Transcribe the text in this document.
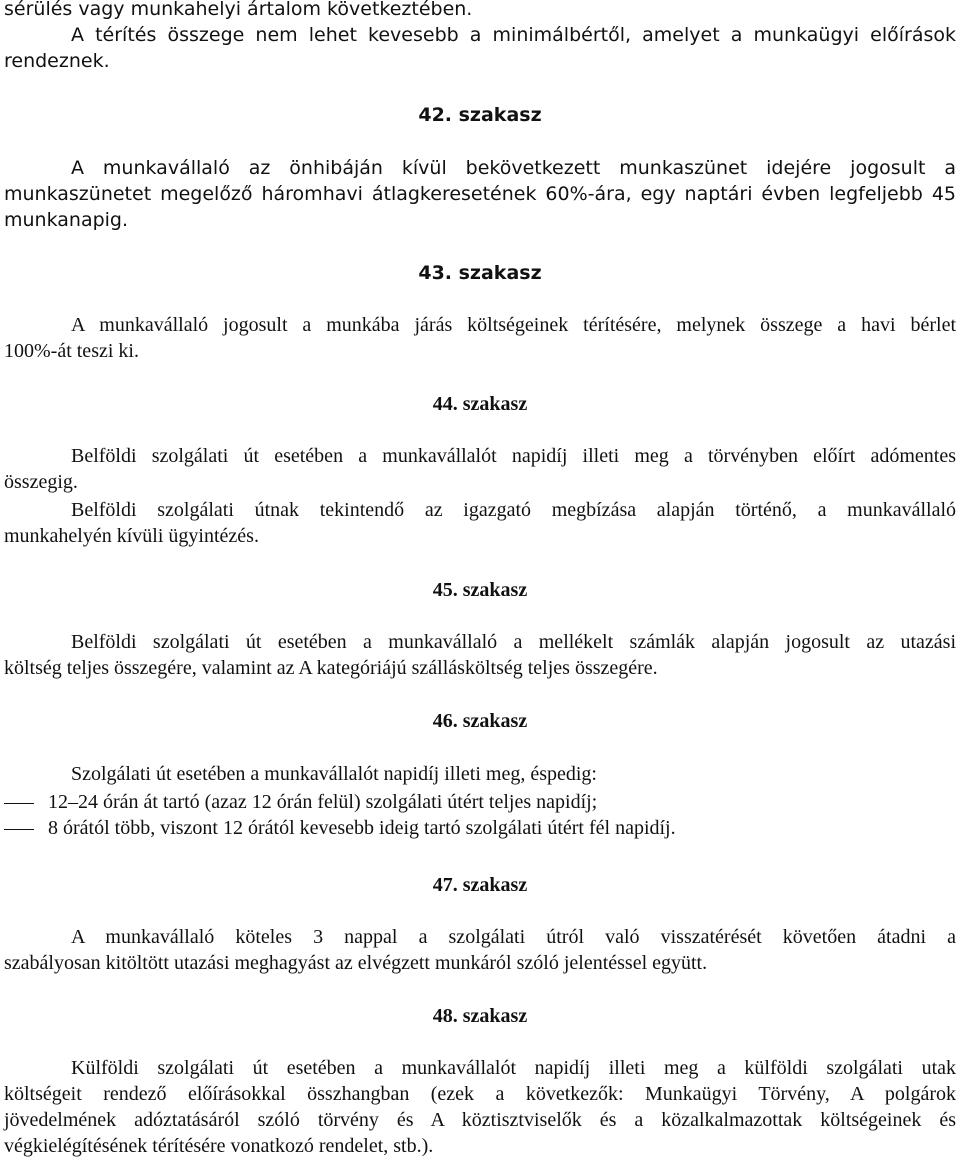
sérülés vagy munkahelyi ártalom következtében.
A térítés összege nem lehet kevesebb a minimálbértől, amelyet a munkaügyi előírások
rendeznek.
42. szakasz
A munkavállaló az önhibáján kívül bekövetkezett munkaszünet idejére jogosult a
munkaszünetet megelőző háromhavi átlagkeresetének 60%-ára, egy naptári évben legfeljebb 45
munkanapig.
43. szakasz
A munkavállaló jogosult a munkába járás költségeinek térítésére, melynek összege a havi bérlet
100%-át teszi ki.
44. szakasz
Belföldi szolgálati út esetében a munkavállalót napidíj illeti meg a törvényben előírt adómentes
összegig.
Belföldi szolgálati útnak tekintendő az igazgató megbízása alapján történő, a munkavállaló
munkahelyén kívüli ügyintézés.
45. szakasz
Belföldi szolgálati út esetében a munkavállaló a mellékelt számlák alapján jogosult az utazási
költség teljes összegére, valamint az A kategóriájú szállásköltség teljes összegére.
46. szakasz
Szolgálati út esetében a munkavállalót napidíj illeti meg, éspedig:
12–24 órán át tartó (azaz 12 órán felül) szolgálati útért teljes napidíj;
8 órától több, viszont 12 órától kevesebb ideig tartó szolgálati útért fél napidíj.
47. szakasz
A munkavállaló köteles 3 nappal a szolgálati útról való visszatérését követően átadni a
szabályosan kitöltött utazási meghagyást az elvégzett munkáról szóló jelentéssel együtt.
48. szakasz
Külföldi szolgálati út esetében a munkavállalót napidíj illeti meg a külföldi szolgálati utak
költségeit rendező előírásokkal összhangban (ezek a következők: Munkaügyi Törvény, A polgárok
jövedelmének adóztatásáról szóló törvény és A köztisztviselők és a közalkalmazottak költségeinek és
végkielégítésének térítésére vonatkozó rendelet, stb.).
